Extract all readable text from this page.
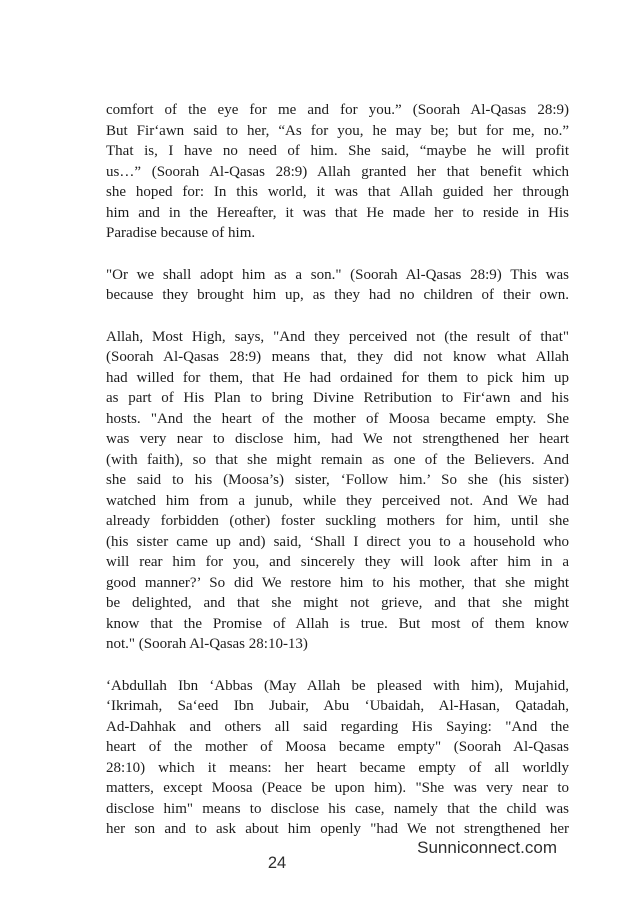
comfort of the eye for me and for you.” (Soorah Al-Qasas 28:9)
But Fir‘awn said to her, “As for you, he may be; but for me, no.”
That is, I have no need of him. She said, “maybe he will profit
us…” (Soorah Al-Qasas 28:9) Allah granted her that benefit which
she hoped for: In this world, it was that Allah guided her through
him and in the Hereafter, it was that He made her to reside in His
Paradise because of him.
"Or we shall adopt him as a son." (Soorah Al-Qasas 28:9) This was
because they brought him up, as they had no children of their own.
Allah, Most High, says, "And they perceived not (the result of that"
(Soorah Al-Qasas 28:9) means that, they did not know what Allah
had willed for them, that He had ordained for them to pick him up
as part of His Plan to bring Divine Retribution to Fir‘awn and his
hosts. "And the heart of the mother of Moosa became empty. She
was very near to disclose him, had We not strengthened her heart
(with faith), so that she might remain as one of the Believers. And
she said to his (Moosa’s) sister, ‘Follow him.’ So she (his sister)
watched him from a junub, while they perceived not. And We had
already forbidden (other) foster suckling mothers for him, until she
(his sister came up and) said, ‘Shall I direct you to a household who
will rear him for you, and sincerely they will look after him in a
good manner?’ So did We restore him to his mother, that she might
be delighted, and that she might not grieve, and that she might
know that the Promise of Allah is true. But most of them know
not." (Soorah Al-Qasas 28:10-13)
‘Abdullah Ibn ‘Abbas (May Allah be pleased with him), Mujahid,
‘Ikrimah, Sa‘eed Ibn Jubair, Abu ‘Ubaidah, Al-Hasan, Qatadah,
Ad-Dahhak and others all said regarding His Saying: "And the
heart of the mother of Moosa became empty" (Soorah Al-Qasas
28:10) which it means: her heart became empty of all worldly
matters, except Moosa (Peace be upon him). "She was very near to
disclose him" means to disclose his case, namely that the child was
her son and to ask about him openly "had We not strengthened her
Sunniconnect.com
24
